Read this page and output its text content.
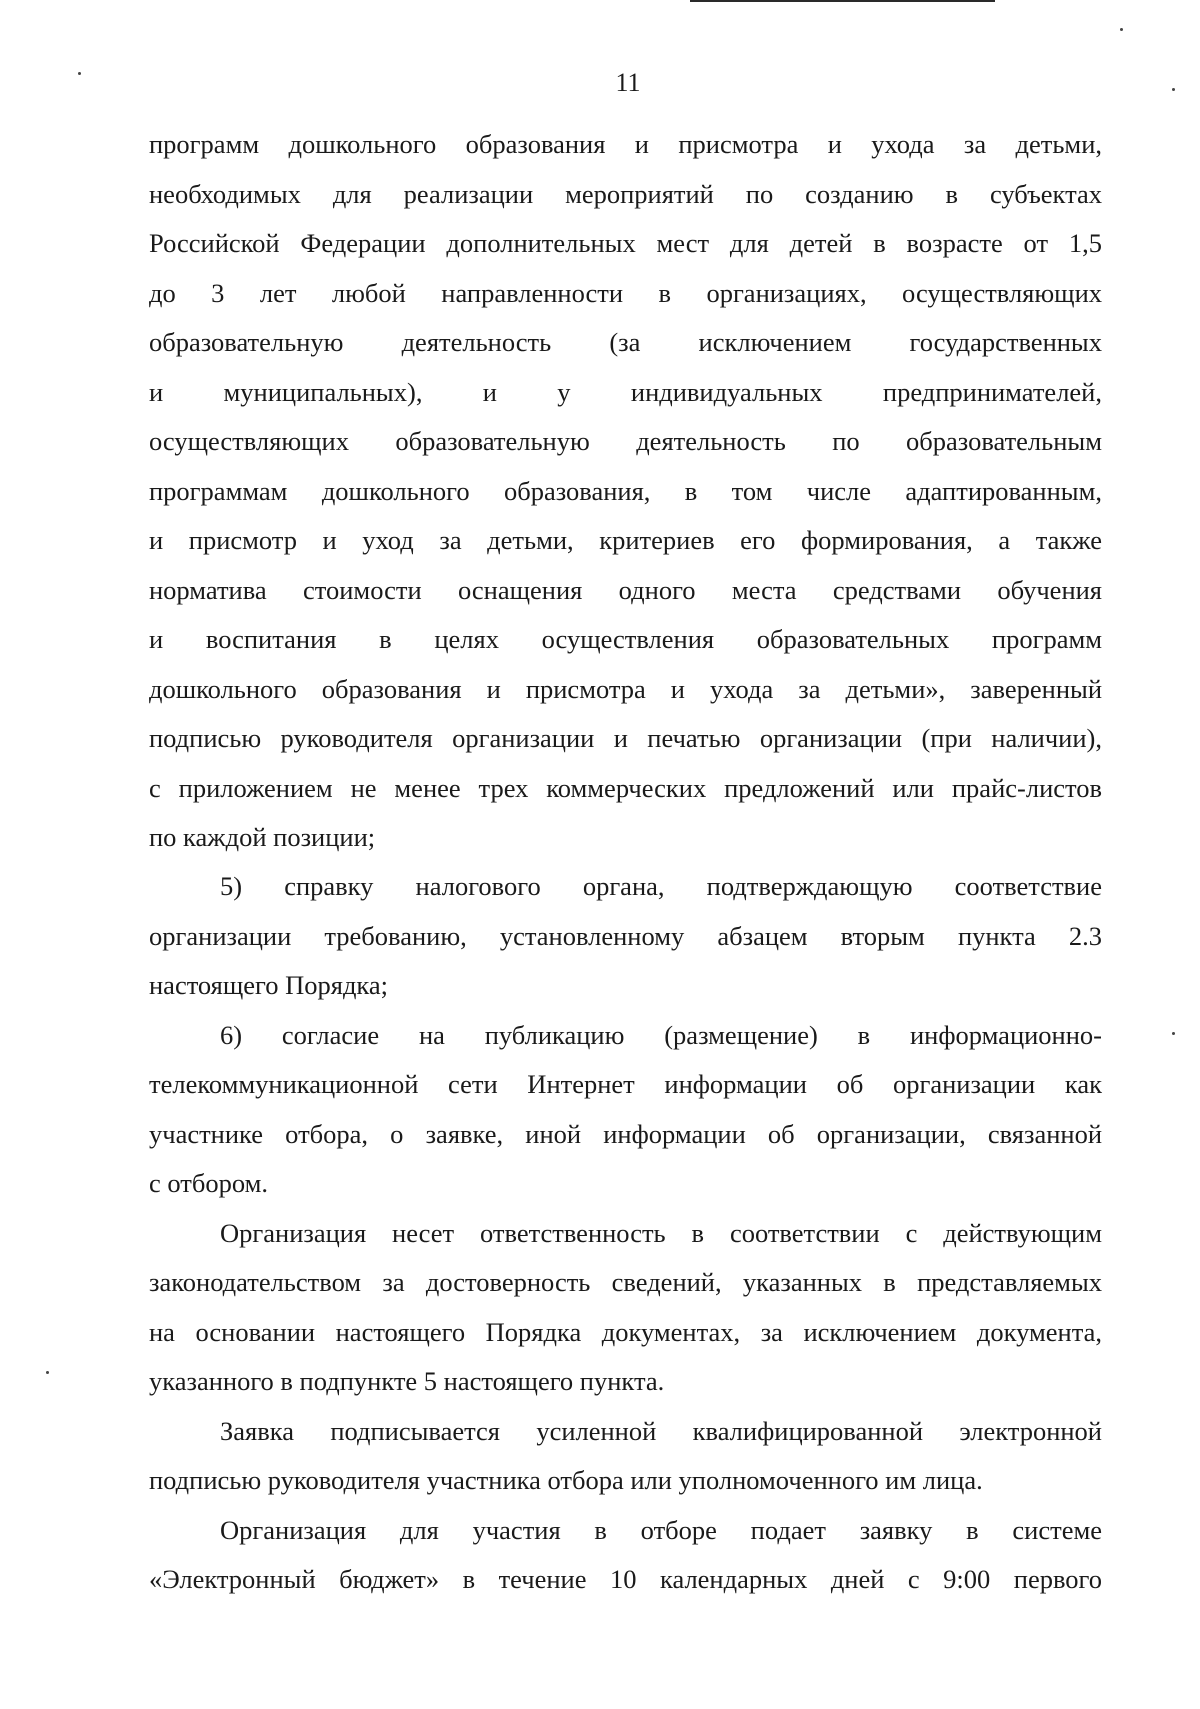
11
программ дошкольного образования и присмотра и ухода за детьми,
необходимых для реализации мероприятий по созданию в субъектах
Российской Федерации дополнительных мест для детей в возрасте от 1,5
до 3 лет любой направленности в организациях, осуществляющих
образовательную деятельность (за исключением государственных
и муниципальных), и у индивидуальных предпринимателей,
осуществляющих образовательную деятельность по образовательным
программам дошкольного образования, в том числе адаптированным,
и присмотр и уход за детьми, критериев его формирования, а также
норматива стоимости оснащения одного места средствами обучения
и воспитания в целях осуществления образовательных программ
дошкольного образования и присмотра и ухода за детьми», заверенный
подписью руководителя организации и печатью организации (при наличии),
с приложением не менее трех коммерческих предложений или прайс-листов
по каждой позиции;
5) справку налогового органа, подтверждающую соответствие
организации требованию, установленному абзацем вторым пункта 2.3
настоящего Порядка;
6) согласие на публикацию (размещение) в информационно-
телекоммуникационной сети Интернет информации об организации как
участнике отбора, о заявке, иной информации об организации, связанной
с отбором.
Организация несет ответственность в соответствии с действующим
законодательством за достоверность сведений, указанных в представляемых
на основании настоящего Порядка документах, за исключением документа,
указанного в подпункте 5 настоящего пункта.
Заявка подписывается усиленной квалифицированной электронной
подписью руководителя участника отбора или уполномоченного им лица.
Организация для участия в отборе подает заявку в системе
«Электронный бюджет» в течение 10 календарных дней с 9:00 первого
